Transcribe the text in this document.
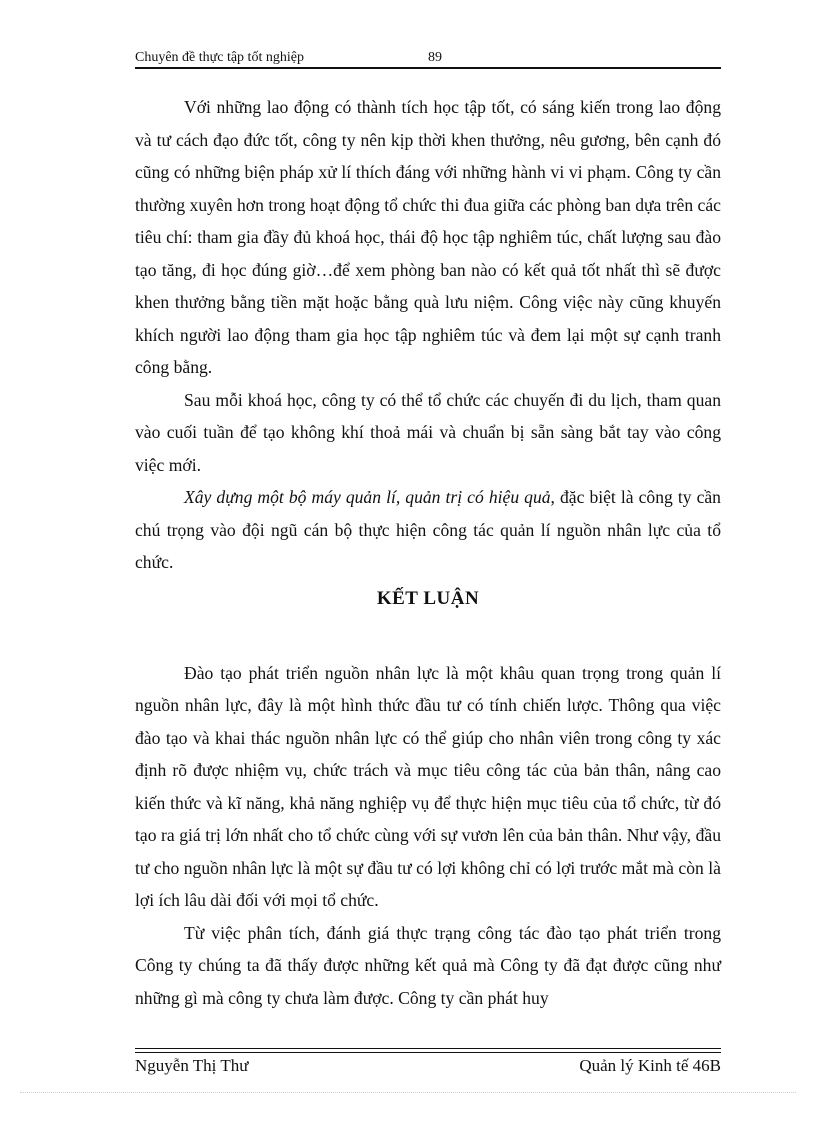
Chuyên đề thực tập tốt nghiệp	89

Với những lao động có thành tích học tập tốt, có sáng kiến trong lao động và tư cách đạo đức tốt, công ty nên kịp thời khen thưởng, nêu gương, bên cạnh đó cũng có những biện pháp xử lí thích đáng với những hành vi vi phạm. Công ty cần thường xuyên hơn trong hoạt động tổ chức thi đua giữa các phòng ban dựa trên các tiêu chí: tham gia đầy đủ khoá học, thái độ học tập nghiêm túc, chất lượng sau đào tạo tăng, đi học đúng giờ…để xem phòng ban nào có kết quả tốt nhất thì sẽ được khen thưởng bằng tiền mặt hoặc bằng quà lưu niệm. Công việc này cũng khuyến khích người lao động tham gia học tập nghiêm túc và đem lại một sự cạnh tranh công bằng.

Sau mỗi khoá học, công ty có thể tổ chức các chuyến đi du lịch, tham quan vào cuối tuần để tạo không khí thoả mái và chuẩn bị sẵn sàng bắt tay vào công việc mới.

Xây dựng một bộ máy quản lí, quản trị có hiệu quả, đặc biệt là công ty cần chú trọng vào đội ngũ cán bộ thực hiện công tác quản lí nguồn nhân lực của tổ chức.

KẾT LUẬN

Đào tạo phát triển nguồn nhân lực là một khâu quan trọng trong quản lí nguồn nhân lực, đây là một hình thức đầu tư có tính chiến lược. Thông qua việc đào tạo và khai thác nguồn nhân lực có thể giúp cho nhân viên trong công ty xác định rõ được nhiệm vụ, chức trách và mục tiêu công tác của bản thân, nâng cao kiến thức và kĩ năng, khả năng nghiệp vụ để thực hiện mục tiêu của tổ chức, từ đó tạo ra giá trị lớn nhất cho tổ chức cùng với sự vươn lên của bản thân. Như vậy, đầu tư cho nguồn nhân lực là một sự đầu tư có lợi không chỉ có lợi trước mắt mà còn là lợi ích lâu dài đối với mọi tổ chức.

Từ việc phân tích, đánh giá thực trạng công tác đào tạo phát triển trong Công ty chúng ta đã thấy được những kết quả mà Công ty đã đạt được cũng như những gì mà công ty chưa làm được. Công ty cần phát huy

Nguyễn Thị Thư	Quản lý Kinh tế 46B
